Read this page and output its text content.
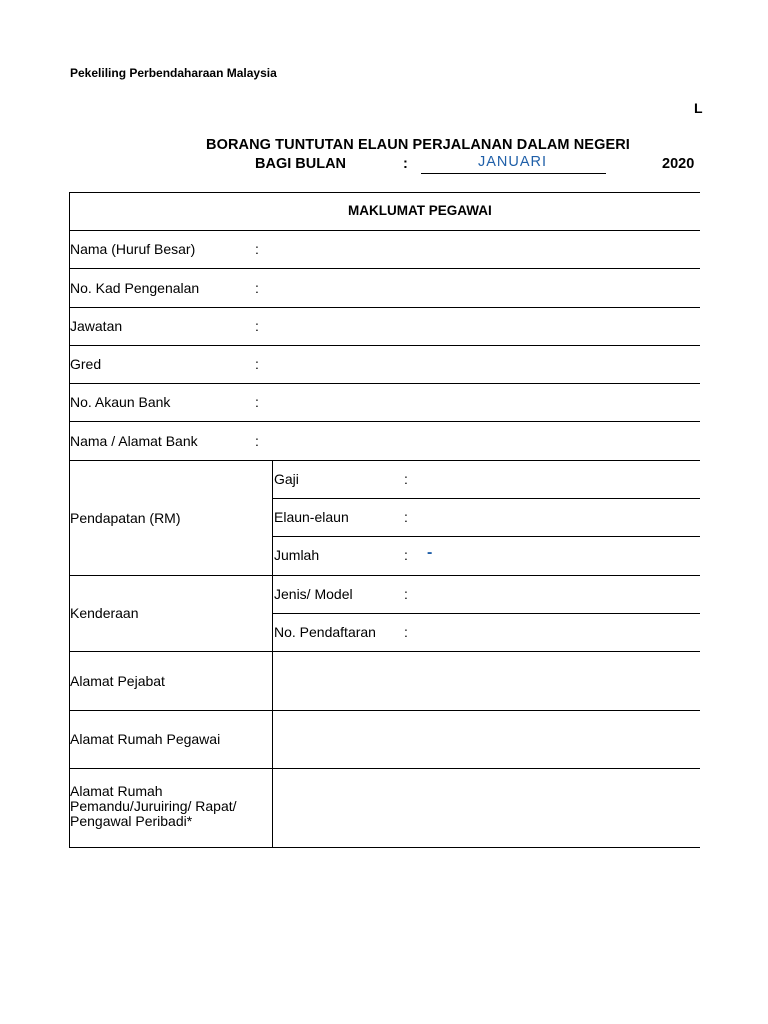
Pekeliling Perbendaharaan Malaysia
L
BORANG TUNTUTAN ELAUN PERJALANAN DALAM NEGERI
BAGI BULAN	:	JANUARI	2020
MAKLUMAT PEGAWAI
Nama (Huruf Besar)	:
No. Kad Pengenalan	:
Jawatan	:
Gred	:
No. Akaun Bank	:
Nama / Alamat Bank	:
Pendapatan (RM)
Gaji	:
Elaun-elaun	:
Jumlah	: -
Kenderaan
Jenis/ Model	:
No. Pendaftaran :
Alamat Pejabat
Alamat Rumah Pegawai
Alamat Rumah
Pemandu/Juruiring/ Rapat/
Pengawal Peribadi*
